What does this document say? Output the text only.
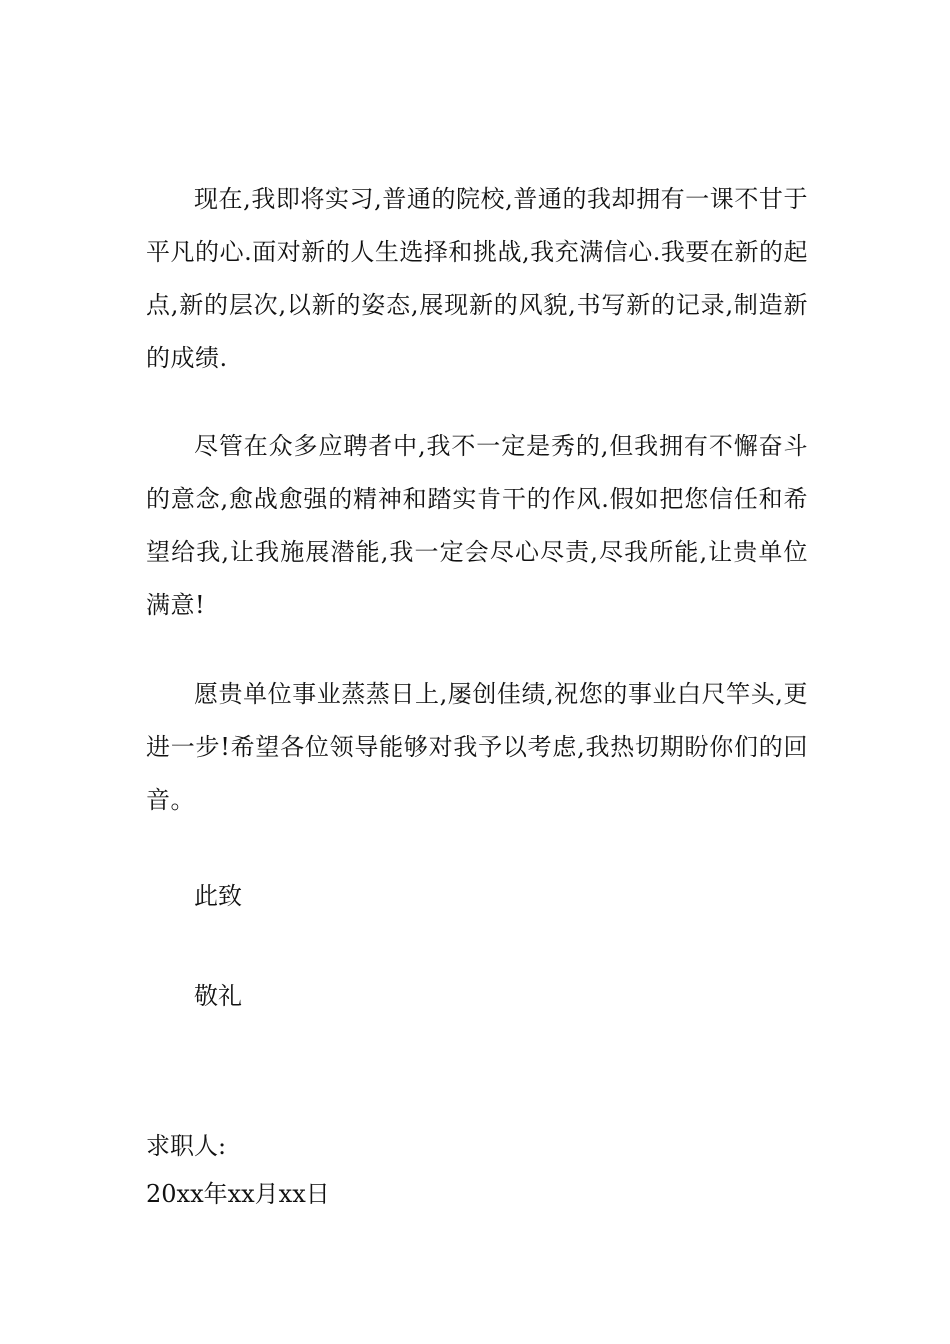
现在,我即将实习,普通的院校,普通的我却拥有一课不甘于平凡的心.面对新的人生选择和挑战,我充满信心.我要在新的起点,新的层次,以新的姿态,展现新的风貌,书写新的记录,制造新的成绩.

尽管在众多应聘者中,我不一定是秀的,但我拥有不懈奋斗的意念,愈战愈强的精神和踏实肯干的作风.假如把您信任和希望给我,让我施展潜能,我一定会尽心尽责,尽我所能,让贵单位满意!

愿贵单位事业蒸蒸日上,屡创佳绩,祝您的事业白尺竿头,更进一步!希望各位领导能够对我予以考虑,我热切期盼你们的回音。

此致

敬礼

求职人:

20xx年xx月xx日
